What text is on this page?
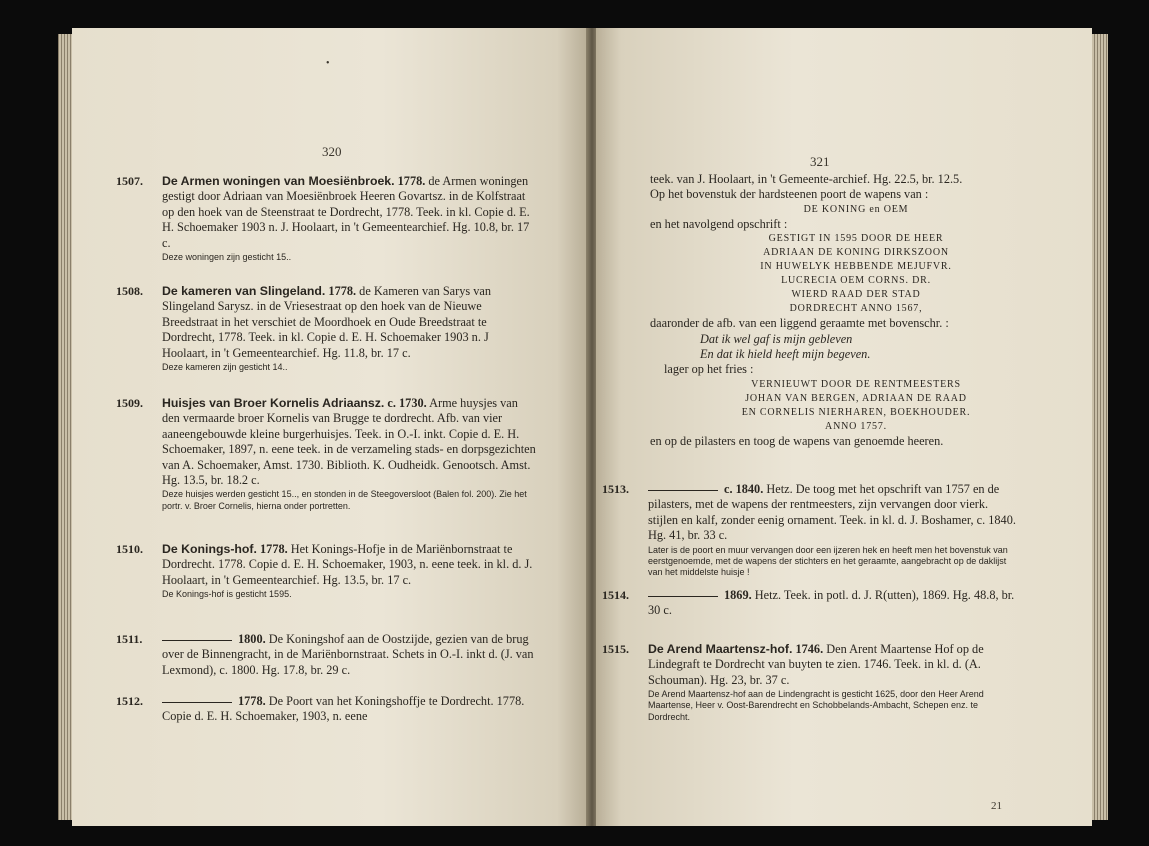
320
1507. De Armen woningen van Moesiënbroek. 1778. de Armen woningen gestigt door Adriaan van Moesiënbroek Heeren Govartsz. in de Kolfstraat op den hoek van de Steenstraat te Dordrecht, 1778. Teek. in kl. Copie d. E. H. Schoemaker 1903 n. J. Hoolaart, in 't Gemeentearchief. Hg. 10.8, br. 17 c.
Deze woningen zijn gesticht 15..
1508. De kameren van Slingeland. 1778. de Kameren van Sarys van Slingeland Sarysz. in de Vriesestraat op den hoek van de Nieuwe Breedstraat in het verschiet de Moordhoek en Oude Breedstraat te Dordrecht, 1778. Teek. in kl. Copie d. E. H. Schoemaker 1903 n. J Hoolaart, in 't Gemeentearchief. Hg. 11.8, br. 17 c.
Deze kameren zijn gesticht 14..
1509. Huisjes van Broer Kornelis Adriaansz. c. 1730. Arme huysjes van den vermaarde broer Kornelis van Brugge te dordrecht. Afb. van vier aaneengebouwde kleine burgerhuisjes. Teek. in O.-I. inkt. Copie d. E. H. Schoemaker, 1897, n. eene teek. in de verzameling stads- en dorpsgezichten van A. Schoemaker, Amst. 1730. Biblioth. K. Oudheidk. Genootsch. Amst. Hg. 13.5, br. 18.2 c.
Deze huisjes werden gesticht 15.., en stonden in de Steegoversloot (Balen fol. 200). Zie het portr. v. Broer Cornelis, hierna onder portretten.
1510. De Konings-hof. 1778. Het Konings-Hofje in de Mariënbornstraat te Dordrecht. 1778. Copie d. E. H. Schoemaker, 1903, n. eene teek. in kl. d. J. Hoolaart, in 't Gemeentearchief. Hg. 13.5, br. 17 c.
De Konings-hof is gesticht 1595.
1511.	1800. De Koningshof aan de Oostzijde, gezien van de brug over de Binnengracht, in de Mariënbornstraat. Schets in O.-I. inkt d. (J. van Lexmond), c. 1800. Hg. 17.8, br. 29 c.
1512.	1778. De Poort van het Koningshoffje te Dordrecht. 1778. Copie d. E. H. Schoemaker, 1903, n. eene
321

teek. van J. Hoolaart, in 't Gemeente-archief. Hg. 22.5, br. 12.5.

Op het bovenstuk der hardsteenen poort de wapens van :

DE KONING en OEM

en het navolgend opschrift :

GESTIGT IN 1595 DOOR DE HEER
ADRIAAN DE KONING DIRKSZOON
IN HUWELYK HEBBENDE MEJUFVR.
LUCRECIA OEM CORNS. DR.
WIERD RAAD DER STAD
DORDRECHT ANNO 1567,

daaronder de afb. van een liggend geraamte met bovenschr. :

Dat ik wel gaf is mijn gebleven

En dat ik hield heeft mijn begeven.

lager op het fries :

VERNIEUWT DOOR DE RENTMEESTERS
JOHAN VAN BERGEN, ADRIAAN DE RAAD
EN CORNELIS NIERHAREN, BOEKHOUDER.
ANNO 1757.

en op de pilasters en toog de wapens van genoemde heeren.

1513.	c. 1840. Hetz. De toog met het opschrift van 1757 en de pilasters, met de wapens der rentmeesters, zijn vervangen door vierk. stijlen en kalf, zonder eenig ornament. Teek. in kl. d. J. Boshamer, c. 1840. Hg. 41, br. 33 c.
Later is de poort en muur vervangen door een ijzeren hek en heeft men het bovenstuk van eerstgenoemde, met de wapens der stichters en het geraamte, aangebracht op de daklijst van het middelste huisje !
1514.	1869. Hetz. Teek. in potl. d. J. R(utten), 1869. Hg. 48.8, br. 30 c.
1515. De Arend Maartensz-hof. 1746. Den Arent Maartense Hof op de Lindegraft te Dordrecht van buyten te zien. 1746. Teek. in kl. d. (A. Schouman). Hg. 23, br. 37 c.
De Arend Maartensz-hof aan de Lindengracht is gesticht 1625, door den Heer Arend Maartense, Heer v. Oost-Barendrecht en Schobbelands-Ambacht, Schepen enz. te Dordrecht.
21
•
